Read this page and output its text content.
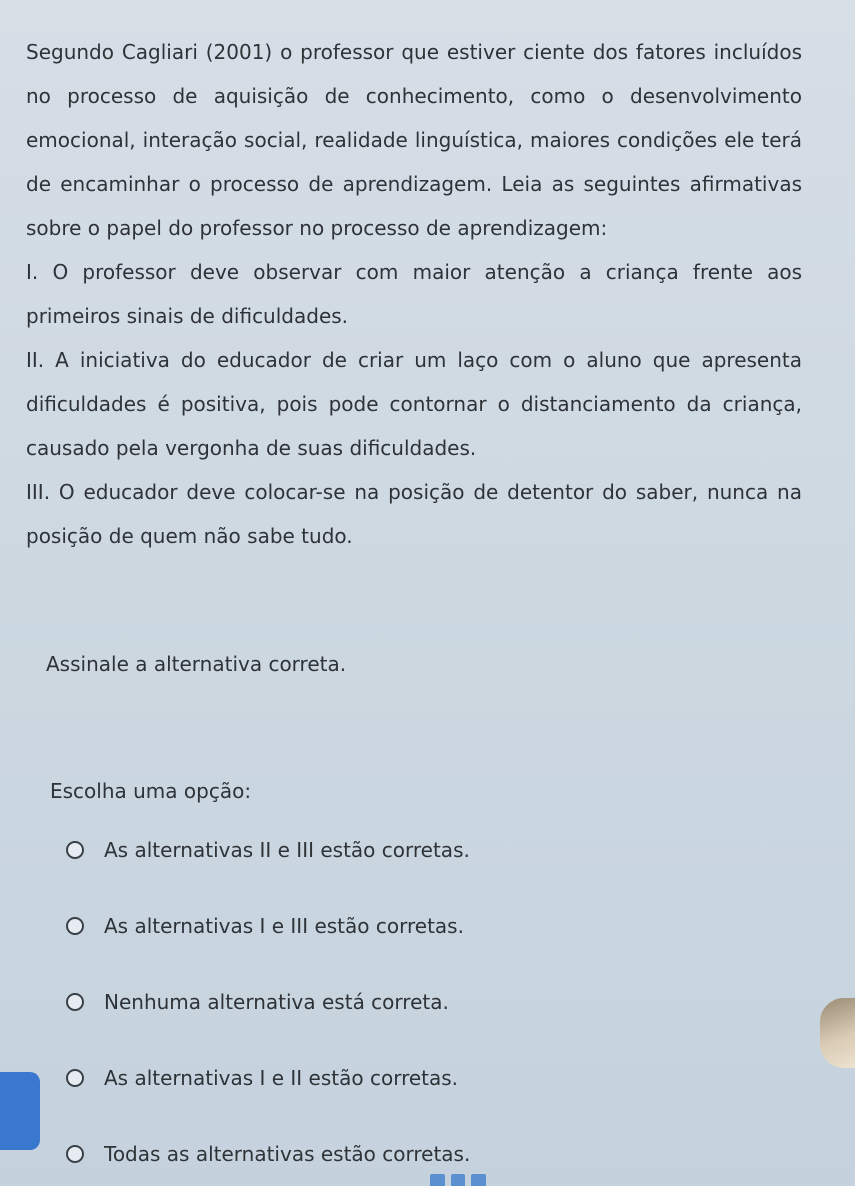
Segundo Cagliari (2001) o professor que estiver ciente dos fatores incluídos no processo de aquisição de conhecimento, como o desenvolvimento emocional, interação social, realidade linguística, maiores condições ele terá de encaminhar o processo de aprendizagem. Leia as seguintes afirmativas sobre o papel do professor no processo de aprendizagem:

I. O professor deve observar com maior atenção a criança frente aos primeiros sinais de dificuldades.

II. A iniciativa do educador de criar um laço com o aluno que apresenta dificuldades é positiva, pois pode contornar o distanciamento da criança, causado pela vergonha de suas dificuldades.

III. O educador deve colocar-se na posição de detentor do saber, nunca na posição de quem não sabe tudo.

Assinale a alternativa correta.
Escolha uma opção:
As alternativas II e III estão corretas.
As alternativas I e III estão corretas.
Nenhuma alternativa está correta.
As alternativas I e II estão corretas.
Todas as alternativas estão corretas.
